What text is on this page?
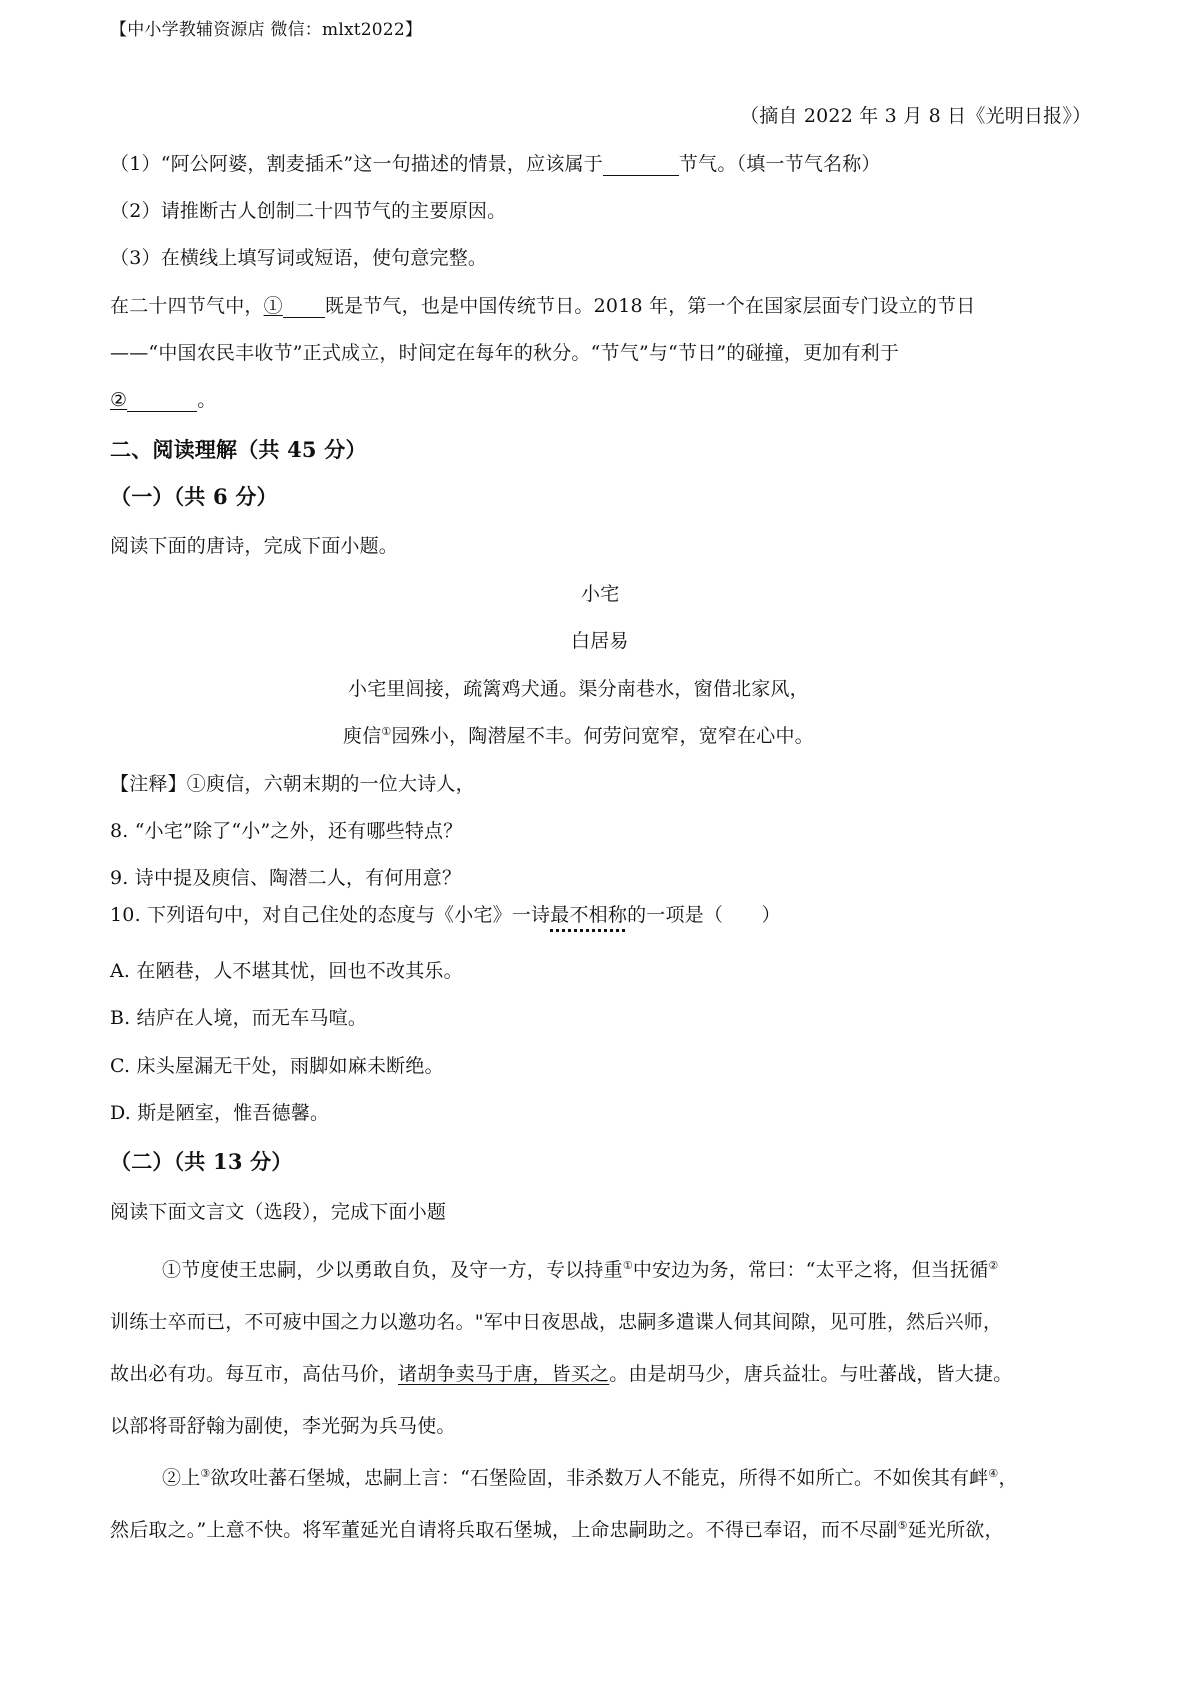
【中小学教辅资源店 微信：mlxt2022】
（摘自 2022 年 3 月 8 日《光明日报》）
（1）“阿公阿婆，割麦插禾”这一句描述的情景，应该属于	节气。（填一节气名称）
（2）请推断古人创制二十四节气的主要原因。
（3）在横线上填写词或短语，使句意完整。
在二十四节气中，① 既是节气，也是中国传统节日。2018 年，第一个在国家层面专门设立的节日
——“中国农民丰收节”正式成立，时间定在每年的秋分。“节气”与“节日”的碰撞，更加有利于
②	。
二、阅读理解（共 45 分）
（一）（共 6 分）
阅读下面的唐诗，完成下面小题。
小宅
白居易
小宅里闾接，疏篱鸡犬通。渠分南巷水，窗借北家风，
庾信①园殊小，陶潜屋不丰。何劳问宽窄，宽窄在心中。
【注释】①庾信，六朝末期的一位大诗人，
8. “小宅”除了“小”之外，还有哪些特点？
9. 诗中提及庾信、陶潜二人，有何用意？
10. 下列语句中，对自己住处的态度与《小宅》一诗最不相称的一项是（　　）
A. 在陋巷，人不堪其忧，回也不改其乐。
B. 结庐在人境，而无车马喧。
C. 床头屋漏无干处，雨脚如麻未断绝。
D. 斯是陋室，惟吾德馨。
（二）（共 13 分）
阅读下面文言文（选段），完成下面小题
①节度使王忠嗣，少以勇敢自负，及守一方，专以持重①中安边为务，常曰：“太平之将，但当抚循②
训练士卒而已，不可疲中国之力以邀功名。"军中日夜思战，忠嗣多遣谍人伺其间隙，见可胜，然后兴师，
故出必有功。每互市，高估马价，诸胡争卖马于唐，皆买之。由是胡马少，唐兵益壮。与吐蕃战，皆大捷。
以部将哥舒翰为副使，李光弼为兵马使。
②上③欲攻吐蕃石堡城，忠嗣上言：“石堡险固，非杀数万人不能克，所得不如所亡。不如俟其有衅④，
然后取之。”上意不快。将军董延光自请将兵取石堡城，上命忠嗣助之。不得已奉诏，而不尽副⑤延光所欲，
